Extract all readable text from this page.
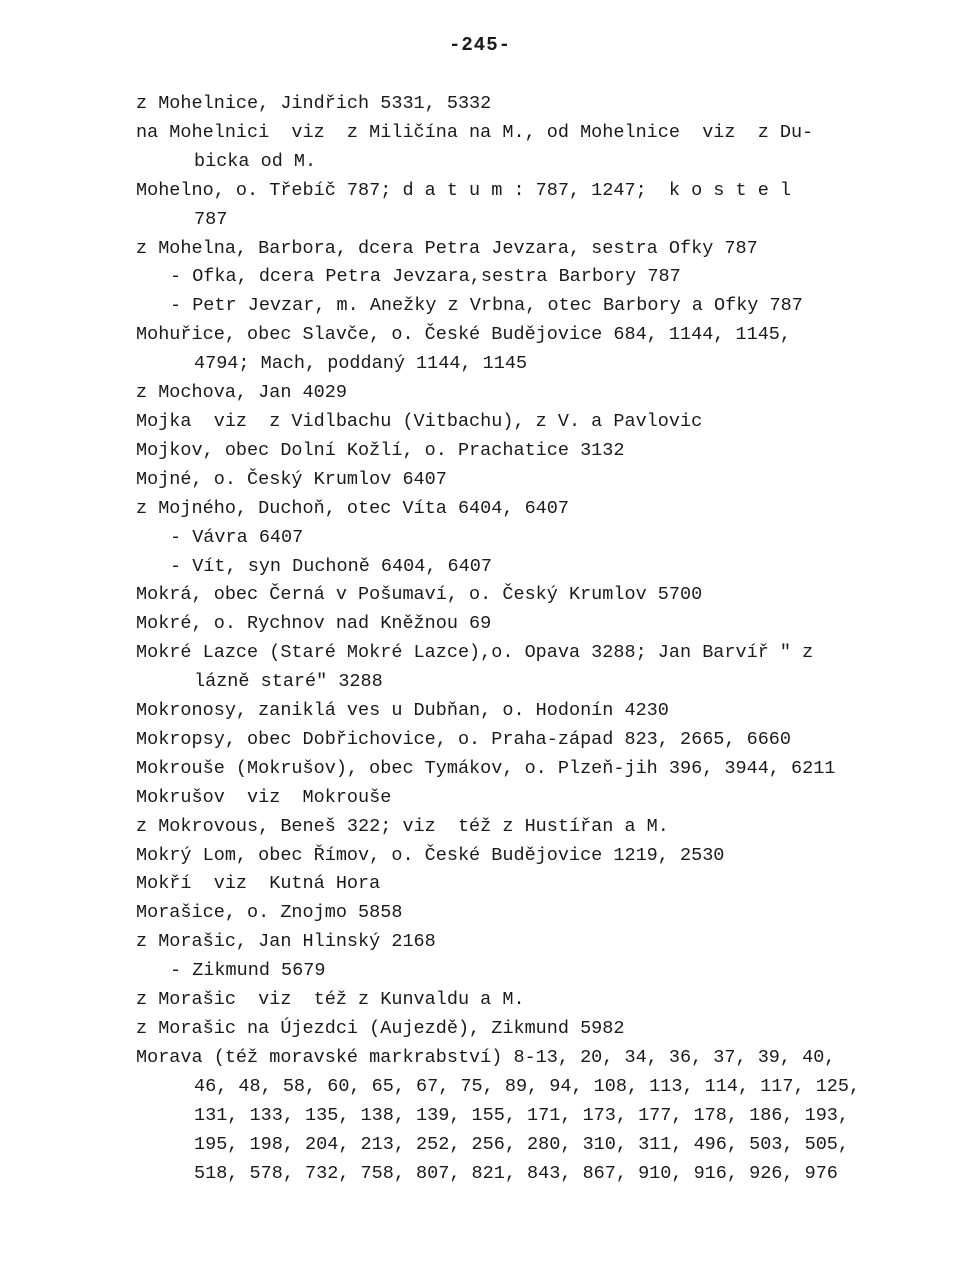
-245-
z Mohelnice, Jindřich 5331, 5332
na Mohelnici  viz  z Miličína na M., od Mohelnice  viz  z Du-
bicka od M.
Mohelno, o. Třebíč 787; d a t u m : 787, 1247;  k o s t e l
787
z Mohelna, Barbora, dcera Petra Jevzara, sestra Ofky 787
- Ofka, dcera Petra Jevzara,sestra Barbory 787
- Petr Jevzar, m. Anežky z Vrbna, otec Barbory a Ofky 787
Mohuřice, obec Slavče, o. České Budějovice 684, 1144, 1145,
4794; Mach, poddaný 1144, 1145
z Mochova, Jan 4029
Mojka  viz  z Vidlbachu (Vitbachu), z V. a Pavlovic
Mojkov, obec Dolní Kožlí, o. Prachatice 3132
Mojné, o. Český Krumlov 6407
z Mojného, Duchoň, otec Víta 6404, 6407
- Vávra 6407
- Vít, syn Duchoně 6404, 6407
Mokrá, obec Černá v Pošumaví, o. Český Krumlov 5700
Mokré, o. Rychnov nad Kněžnou 69
Mokré Lazce (Staré Mokré Lazce),o. Opava 3288; Jan Barvíř " z
lázně staré" 3288
Mokronosy, zaniklá ves u Dubňan, o. Hodonín 4230
Mokropsy, obec Dobřichovice, o. Praha-západ 823, 2665, 6660
Mokrouše (Mokrušov), obec Tymákov, o. Plzeň-jih 396, 3944, 6211
Mokrušov  viz  Mokrouše
z Mokrovous, Beneš 322; viz  též z Hustířan a M.
Mokrý Lom, obec Římov, o. České Budějovice 1219, 2530
Mokří  viz  Kutná Hora
Morašice, o. Znojmo 5858
z Morašic, Jan Hlinský 2168
- Zikmund 5679
z Morašic  viz  též z Kunvaldu a M.
z Morašic na Újezdci (Aujezdě), Zikmund 5982
Morava (též moravské markrabství) 8-13, 20, 34, 36, 37, 39, 40,
46, 48, 58, 60, 65, 67, 75, 89, 94, 108, 113, 114, 117, 125,
131, 133, 135, 138, 139, 155, 171, 173, 177, 178, 186, 193,
195, 198, 204, 213, 252, 256, 280, 310, 311, 496, 503, 505,
518, 578, 732, 758, 807, 821, 843, 867, 910, 916, 926, 976
